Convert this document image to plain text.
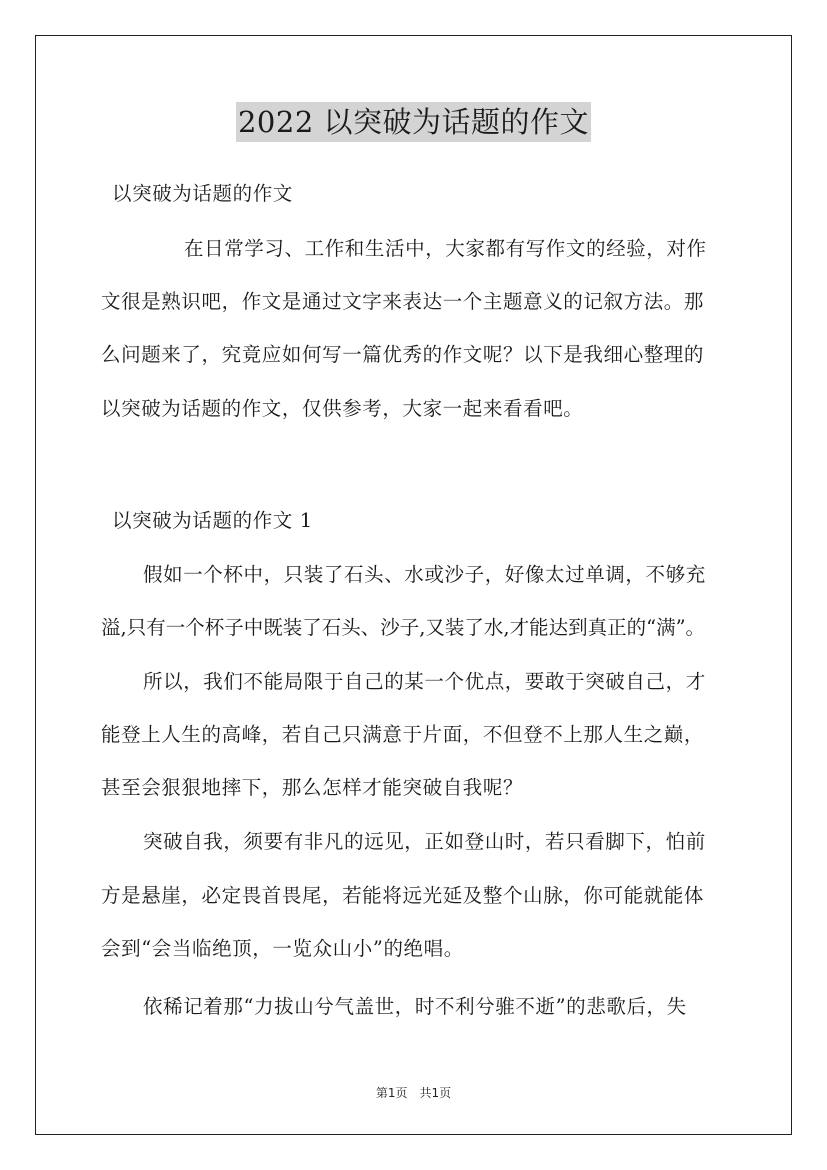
2022 以突破为话题的作文
以突破为话题的作文
在日常学习、工作和生活中，大家都有写作文的经验，对作
文很是熟识吧，作文是通过文字来表达一个主题意义的记叙方法。那
么问题来了，究竟应如何写一篇优秀的作文呢？以下是我细心整理的
以突破为话题的作文，仅供参考，大家一起来看看吧。
以突破为话题的作文 1
假如一个杯中，只装了石头、水或沙子，好像太过单调，不够充
溢,只有一个杯子中既装了石头、沙子,又装了水,才能达到真正的“满”。
所以，我们不能局限于自己的某一个优点，要敢于突破自己，才
能登上人生的高峰，若自己只满意于片面，不但登不上那人生之巅，
甚至会狠狠地摔下，那么怎样才能突破自我呢？
突破自我，须要有非凡的远见，正如登山时，若只看脚下，怕前
方是悬崖，必定畏首畏尾，若能将远光延及整个山脉，你可能就能体
会到“会当临绝顶，一览众山小”的绝唱。
依稀记着那“力拔山兮气盖世，时不利兮骓不逝”的悲歌后，失
第1页　共1页
